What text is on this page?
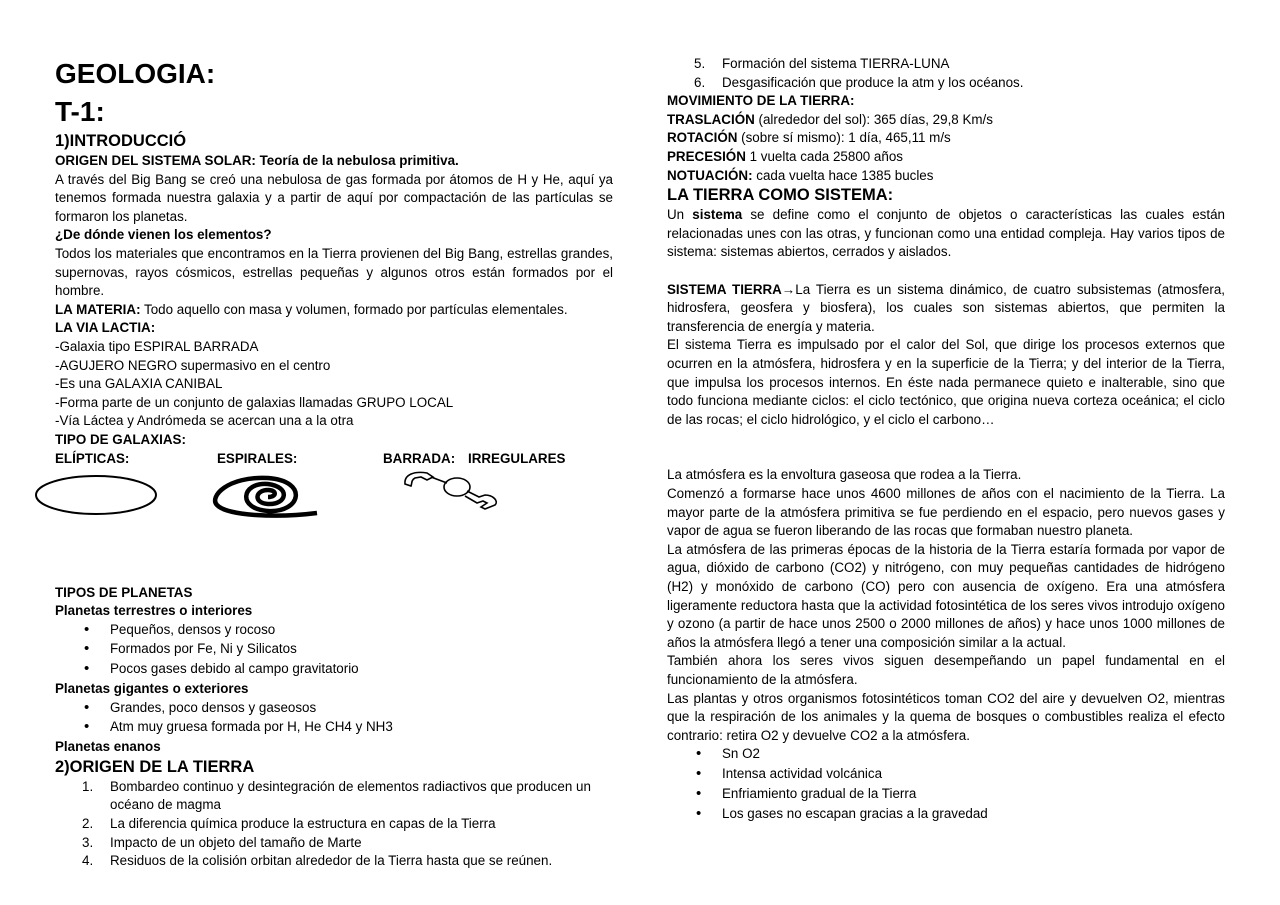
GEOLOGIA:

T-1:

1)INTRODUCCIÓ

ORIGEN DEL SISTEMA SOLAR: Teoría de la nebulosa primitiva.

A través del Big Bang se creó una nebulosa de gas formada por átomos de H y He, aquí ya tenemos formada nuestra galaxia y a partir de aquí por compactación de las partículas se formaron los planetas.

¿De dónde vienen los elementos?

Todos los materiales que encontramos en la Tierra provienen del Big Bang, estrellas grandes, supernovas, rayos cósmicos, estrellas pequeñas y algunos otros están formados por el hombre.

LA MATERIA: Todo aquello con masa y volumen, formado por partículas elementales.

LA VIA LACTIA:

-Galaxia tipo ESPIRAL BARRADA

-AGUJERO NEGRO supermasivo en el centro

-Es una GALAXIA CANIBAL

-Forma parte de un conjunto de galaxias llamadas GRUPO LOCAL

-Vía Láctea y Andrómeda se acercan una a la otra

TIPO DE GALAXIAS:

ELÍPTICAS:	ESPIRALES:	BARRADA: IRREGULARES

TIPOS DE PLANETAS

Planetas terrestres o interiores

• Pequeños, densos y rocoso
• Formados por Fe, Ni y Silicatos
• Pocos gases debido al campo gravitatorio

Planetas gigantes o exteriores

• Grandes, poco densos y gaseosos
• Atm muy gruesa formada por H, He CH4 y NH3

Planetas enanos

2)ORIGEN DE LA TIERRA

1. Bombardeo continuo y desintegración de elementos radiactivos que producen un océano de magma
2. La diferencia química produce la estructura en capas de la Tierra
3. Impacto de un objeto del tamaño de Marte
4. Residuos de la colisión orbitan alrededor de la Tierra hasta que se reúnen.
5. Formación del sistema TIERRA-LUNA
6. Desgasificación que produce la atm y los océanos.

MOVIMIENTO DE LA TIERRA:

TRASLACIÓN (alrededor del sol): 365 días, 29,8 Km/s

ROTACIÓN (sobre sí mismo): 1 día, 465,11 m/s

PRECESIÓN 1 vuelta cada 25800 años

NOTUACIÓN: cada vuelta hace 1385 bucles

LA TIERRA COMO SISTEMA:

Un sistema se define como el conjunto de objetos o características las cuales están relacionadas unes con las otras, y funcionan como una entidad compleja. Hay varios tipos de sistema: sistemas abiertos, cerrados y aislados.

SISTEMA TIERRA→La Tierra es un sistema dinámico, de cuatro subsistemas (atmosfera, hidrosfera, geosfera y biosfera), los cuales son sistemas abiertos, que permiten la transferencia de energía y materia.

El sistema Tierra es impulsado por el calor del Sol, que dirige los procesos externos que ocurren en la atmósfera, hidrosfera y en la superficie de la Tierra; y del interior de la Tierra, que impulsa los procesos internos. En éste nada permanece quieto e inalterable, sino que todo funciona mediante ciclos: el ciclo tectónico, que origina nueva corteza oceánica; el ciclo de las rocas; el ciclo hidrológico, y el ciclo el carbono…

La atmósfera es la envoltura gaseosa que rodea a la Tierra.

Comenzó a formarse hace unos 4600 millones de años con el nacimiento de la Tierra. La mayor parte de la atmósfera primitiva se fue perdiendo en el espacio, pero nuevos gases y vapor de agua se fueron liberando de las rocas que formaban nuestro planeta.

La atmósfera de las primeras épocas de la historia de la Tierra estaría formada por vapor de agua, dióxido de carbono (CO2) y nitrógeno, con muy pequeñas cantidades de hidrógeno (H2) y monóxido de carbono (CO) pero con ausencia de oxígeno. Era una atmósfera ligeramente reductora hasta que la actividad fotosintética de los seres vivos introdujo oxígeno y ozono (a partir de hace unos 2500 o 2000 millones de años) y hace unos 1000 millones de años la atmósfera llegó a tener una composición similar a la actual.

También ahora los seres vivos siguen desempeñando un papel fundamental en el funcionamiento de la atmósfera.

Las plantas y otros organismos fotosintéticos toman CO2 del aire y devuelven O2, mientras que la respiración de los animales y la quema de bosques o combustibles realiza el efecto contrario: retira O2 y devuelve CO2 a la atmósfera.

• Sn O2
• Intensa actividad volcánica
• Enfriamiento gradual de la Tierra
• Los gases no escapan gracias a la gravedad
